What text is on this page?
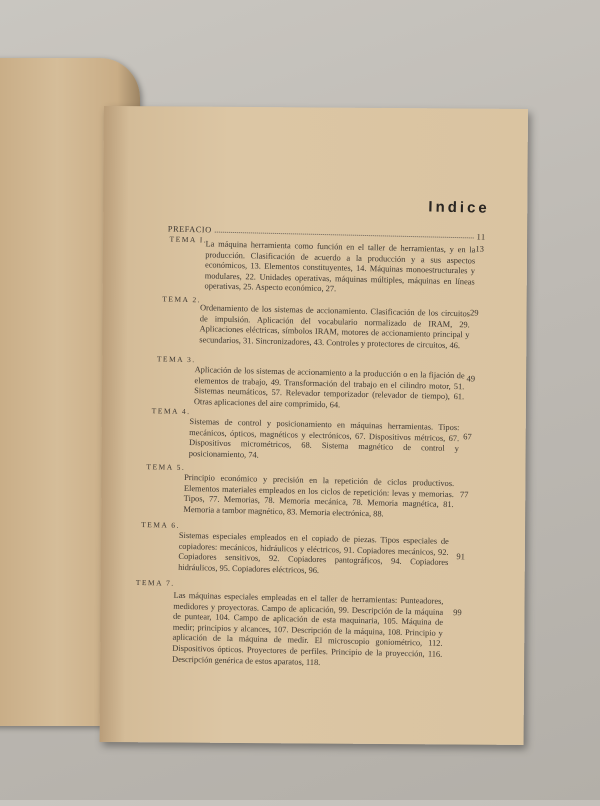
Indice
PREFACIO
11
TEMA I.
13
La máquina herramienta como función en el taller de herramientas, y en la producción. Clasificación de acuerdo a la producción y a sus aspectos económicos, 13. Elementos constituyentes, 14. Máquinas monoestructurales y modulares, 22. Unidades operativas, máquinas múltiples, máquinas en líneas operativas, 25. Aspecto económico, 27.
TEMA 2.
29
Ordenamiento de los sistemas de accionamiento. Clasificación de los circuitos de impulsión. Aplicación del vocabulario normalizado de IRAM, 29. Aplicaciones eléctricas, símbolos IRAM, motores de accionamiento principal y secundarios, 31. Sincronizadores, 43. Controles y protectores de circuitos, 46.
TEMA 3.
49
Aplicación de los sistemas de accionamiento a la producción o en la fijación de elementos de trabajo, 49. Transformación del trabajo en el cilindro motor, 51. Sistemas neumáticos, 57. Relevador temporizador (relevador de tiempo), 61. Otras aplicaciones del aire comprimido, 64.
TEMA 4.
67
Sistemas de control y posicionamiento en máquinas herramientas. Tipos: mecánicos, ópticos, magnéticos y electrónicos, 67. Dispositivos métricos, 67. Dispositivos micrométricos, 68. Sistema magnético de control y posicionamiento, 74.
TEMA 5.
77
Principio económico y precisión en la repetición de ciclos productivos. Elementos materiales empleados en los ciclos de repetición: levas y memorias. Tipos, 77. Memorias, 78. Memoria mecánica, 78. Memoria magnética, 81. Memoria a tambor magnético, 83. Memoria electrónica, 88.
TEMA 6.
91
Sistemas especiales empleados en el copiado de piezas. Tipos especiales de copiadores: mecánicos, hidráulicos y eléctricos, 91. Copiadores mecánicos, 92. Copiadores sensitivos, 92. Copiadores pantográficos, 94. Copiadores hidráulicos, 95. Copiadores eléctricos, 96.
TEMA 7.
99
Las máquinas especiales empleadas en el taller de herramientas: Punteadores, medidores y proyectoras. Campo de aplicación, 99. Descripción de la máquina de puntear, 104. Campo de aplicación de esta maquinaria, 105. Máquina de medir; principios y alcances, 107. Descripción de la máquina, 108. Principio y aplicación de la máquina de medir. El microscopio goniométrico, 112. Dispositivos ópticos. Proyectores de perfiles. Principio de la proyección, 116. Descripción genérica de estos aparatos, 118.
